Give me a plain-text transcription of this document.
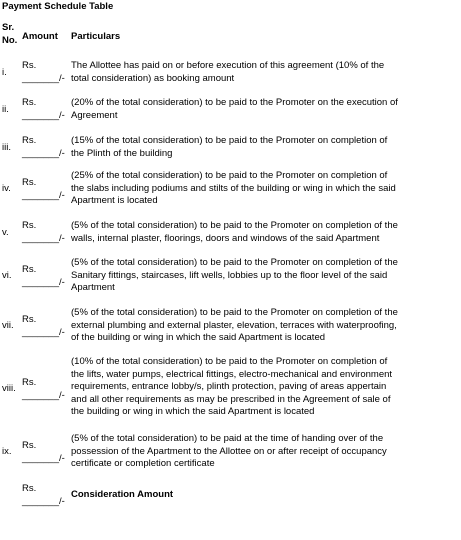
Payment Schedule Table
Sr. No. Amount Particulars
i.
Rs.
_______/-
The Allottee has paid on or before execution of this agreement (10% of the total consideration) as booking amount
ii.
Rs.
_______/-
(20% of the total consideration) to be paid to the Promoter on the execution of Agreement
iii.
Rs.
_______/-
(15% of the total consideration) to be paid to the Promoter on completion of the Plinth of the building
iv.
Rs.
_______/-
(25% of the total consideration) to be paid to the Promoter on completion of the slabs including podiums and stilts of the building or wing in which the said Apartment is located
v.
Rs.
_______/-
(5% of the total consideration) to be paid to the Promoter on completion of the walls, internal plaster, floorings, doors and windows of the said Apartment
vi.
Rs.
_______/-
(5% of the total consideration) to be paid to the Promoter on completion of the Sanitary fittings, staircases, lift wells, lobbies up to the floor level of the said Apartment
vii.
Rs.
_______/-
(5% of the total consideration) to be paid to the Promoter on completion of the external plumbing and external plaster, elevation, terraces with waterproofing, of the building or wing in which the said Apartment is located
viii.
Rs.
_______/-
(10% of the total consideration) to be paid to the Promoter on completion of the lifts, water pumps, electrical fittings, electro-mechanical and environment requirements, entrance lobby/s, plinth protection, paving of areas appertain and all other requirements as may be prescribed in the Agreement of sale of the building or wing in which the said Apartment is located
ix.
Rs.
_______/-
(5% of the total consideration) to be paid at the time of handing over of the possession of the Apartment to the Allottee on or after receipt of occupancy certificate or completion certificate
Rs.
_______/-
Consideration Amount
